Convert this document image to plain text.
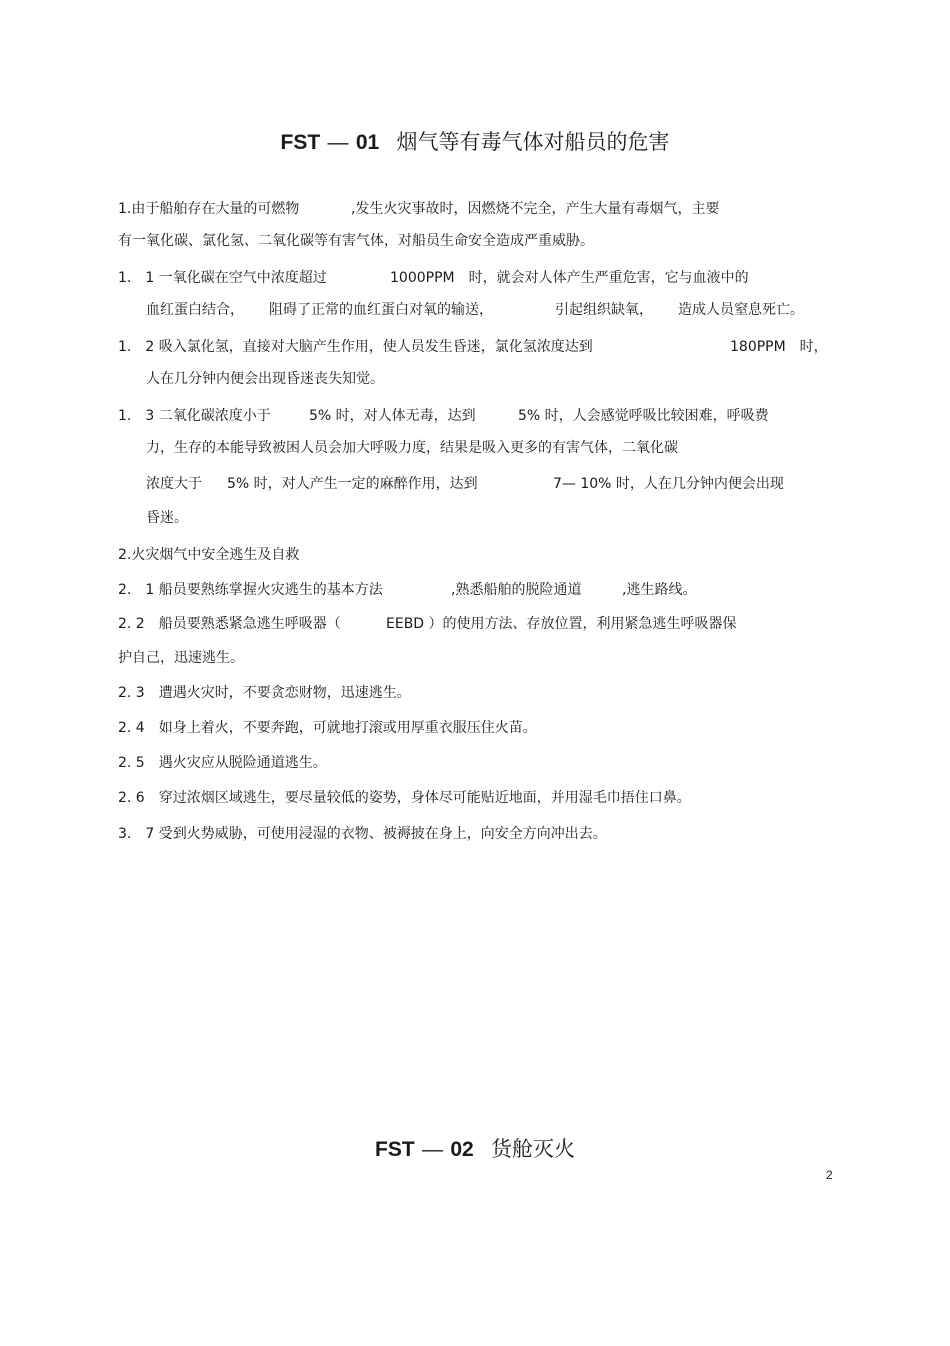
FST — 01 烟气等有毒气体对船员的危害
1.由于船舶存在大量的可燃物	,发生火灾事故时，因燃烧不完全，产生大量有毒烟气，主要

有一氧化碳、氯化氢、二氧化碳等有害气体，对船员生命安全造成严重威胁。

1.　1 一氧化碳在空气中浓度超过	1000PPM　时，就会对人体产生严重危害，它与血液中的
血红蛋白结合， 阻碍了正常的血红蛋白对氧的输送，	引起组织缺氧， 造成人员窒息死亡。
1.　2 吸入氯化氢，直接对大脑产生作用，使人员发生昏迷，氯化氢浓度达到	180PPM　时，

人在几分钟内便会出现昏迷丧失知觉。

1.　3 二氧化碳浓度小于	5% 时，对人体无毒，达到	5% 时，人会感觉呼吸比较困难，呼吸费

力，生存的本能导致被困人员会加大呼吸力度，结果是吸入更多的有害气体，二氧化碳

浓度大于 5% 时，对人产生一定的麻醉作用，达到	7— 10% 时，人在几分钟内便会出现

昏迷。

2.火灾烟气中安全逃生及自救

2.　1 船员要熟练掌握火灾逃生的基本方法	,熟悉船舶的脱险通道	,逃生路线。
2. 2　船员要熟悉紧急逃生呼吸器（	EEBD ）的使用方法、存放位置，利用紧急逃生呼吸器保

护自己，迅速逃生。

2. 3　遭遇火灾时，不要贪恋财物，迅速逃生。

2. 4　如身上着火，不要奔跑，可就地打滚或用厚重衣服压住火苗。

2. 5　遇火灾应从脱险通道逃生。

2. 6　穿过浓烟区域逃生，要尽量较低的姿势，身体尽可能贴近地面，并用湿毛巾捂住口鼻。

3.　7 受到火势威胁，可使用浸湿的衣物、被褥披在身上，向安全方向冲出去。

FST — 02 货舱灭火
2
